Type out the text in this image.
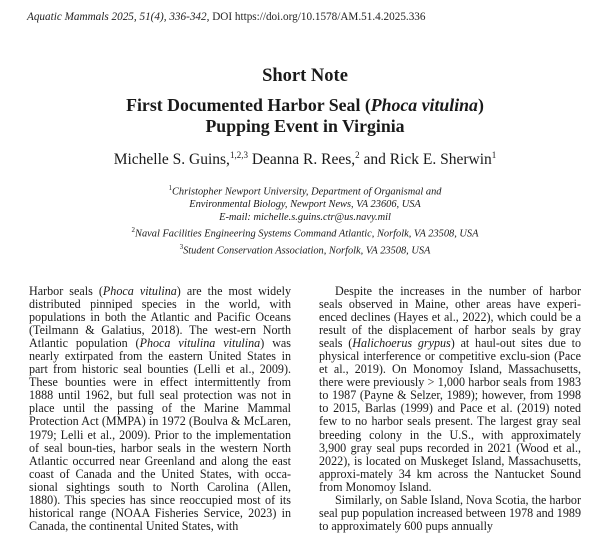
Aquatic Mammals 2025, 51(4), 336-342, DOI https://doi.org/10.1578/AM.51.4.2025.336
Short Note
First Documented Harbor Seal (Phoca vitulina)
Pupping Event in Virginia
Michelle S. Guins,$^{1,2,3}$ Deanna R. Rees,$^2$ and Rick E. Sherwin$^1$
$^1$Christopher Newport University, Department of Organismal and
Environmental Biology, Newport News, VA 23606, USA
E-mail: michelle.s.guins.ctr@us.navy.mil
$^2$Naval Facilities Engineering Systems Command Atlantic, Norfolk, VA 23508, USA
$^3$Student Conservation Association, Norfolk, VA 23508, USA

Harbor seals (Phoca vitulina) are the most widely distributed pinniped species in the world, with populations in both the Atlantic and Pacific Oceans (Teilmann & Galatius, 2018). The west-ern North Atlantic population (Phoca vitulina vitulina) was nearly extirpated from the eastern United States in part from historic seal bounties (Lelli et al., 2009). These bounties were in effect intermittently from 1888 until 1962, but full seal protection was not in place until the passing of the Marine Mammal Protection Act (MMPA) in 1972 (Boulva & McLaren, 1979; Lelli et al., 2009). Prior to the implementation of seal boun-ties, harbor seals in the western North Atlantic occurred near Greenland and along the east coast of Canada and the United States, with occa-sional sightings south to North Carolina (Allen, 1880). This species has since reoccupied most of its historical range (NOAA Fisheries Service, 2023) in Canada, the continental United States, with

Despite the increases in the number of harbor seals observed in Maine, other areas have experi-enced declines (Hayes et al., 2022), which could be a result of the displacement of harbor seals by gray seals (Halichoerus grypus) at haul-out sites due to physical interference or competitive exclu-sion (Pace et al., 2019). On Monomoy Island, Massachusetts, there were previously > 1,000 harbor seals from 1983 to 1987 (Payne & Selzer, 1989); however, from 1998 to 2015, Barlas (1999) and Pace et al. (2019) noted few to no harbor seals present. The largest gray seal breeding colony in the U.S., with approximately 3,900 gray seal pups recorded in 2021 (Wood et al., 2022), is located on Muskeget Island, Massachusetts, approxi-mately 34 km across the Nantucket Sound from Monomoy Island.

Similarly, on Sable Island, Nova Scotia, the harbor seal pup population increased between 1978 and 1989 to approximately 600 pups annually
